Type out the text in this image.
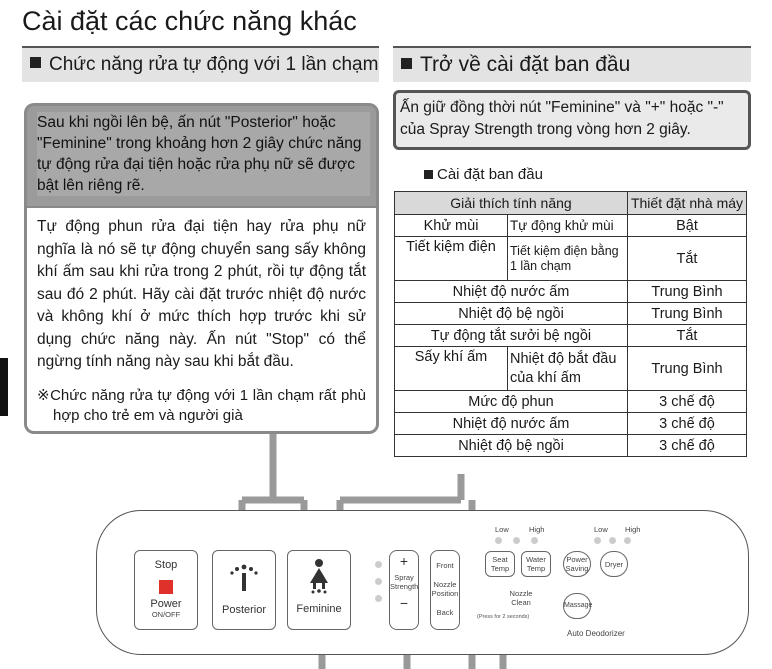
Cài đặt các chức năng khác
Chức năng rửa tự động với 1 lần chạm	Trở về cài đặt ban đầu
Sau khi ngồi lên bệ, ấn nút "Posterior" hoặc "Feminine" trong khoảng hơn 2 giây chức năng tự động rửa đại tiện hoặc rửa phụ nữ sẽ được bật lên riêng rẽ.
Tự động phun rửa đại tiện hay rửa phụ nữ nghĩa là nó sẽ tự động chuyển sang sấy không khí ấm sau khi rửa trong 2 phút, rồi tự động tắt sau đó 2 phút. Hãy cài đặt trước nhiệt độ nước và không khí ở mức thích hợp trước khi sử dụng chức năng này. Ấn nút "Stop" có thể ngừng tính năng này sau khi bắt đầu.
※Chức năng rửa tự động với 1 lần chạm rất phù hợp cho trẻ em và người già
Ấn giữ đồng thời nút "Feminine" và "+" hoặc "-" của Spray Strength trong vòng hơn 2 giây.
Cài đặt ban đầu
Giải thích tính năng		Thiết đặt nhà máy
Khử mùi	Tự động khử mùi	Bật
Tiết kiệm điện	Tiết kiệm điện bằng 1 lần chạm	Tắt
Nhiệt độ nước ấm		Trung Bình
Nhiệt độ bệ ngồi		Trung Bình
Tự động tắt sưởi bệ ngồi		Tắt
Sấy khí ấm	Nhiệt độ bắt đầu của khí ấm	Trung Bình
Mức độ phun		3 chế độ
Nhiệt độ nước ấm		3 chế độ
Nhiệt độ bệ ngồi		3 chế độ
Stop
Power
ON/OFF	Posterior	Feminine
+
Spray
Strength
−
Front
Nozzle
Position
Back
Low	High	Low High
Seat
Temp
Water
Temp
Power
Saving	Dryer
Nozzle
Clean
(Press for 2 seconds)
Massage
Auto Deodorizer
